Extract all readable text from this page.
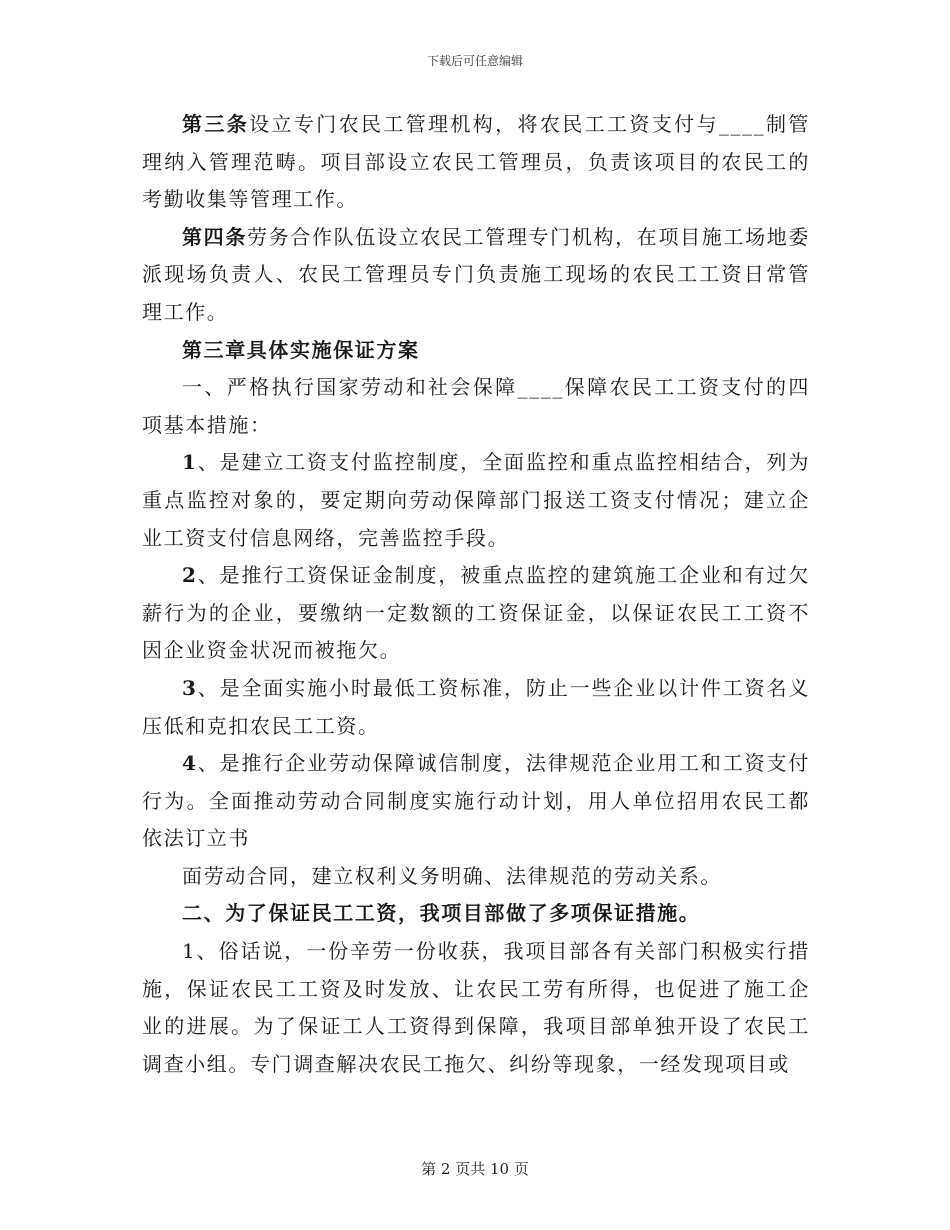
下载后可任意编辑

第三条设立专门农民工管理机构，将农民工工资支付与____制管理纳入管理范畴。项目部设立农民工管理员，负责该项目的农民工的考勤收集等管理工作。

第四条劳务合作队伍设立农民工管理专门机构，在项目施工场地委派现场负责人、农民工管理员专门负责施工现场的农民工工资日常管理工作。

第三章具体实施保证方案

一、严格执行国家劳动和社会保障____保障农民工工资支付的四项基本措施：

1、是建立工资支付监控制度，全面监控和重点监控相结合，列为重点监控对象的，要定期向劳动保障部门报送工资支付情况；建立企业工资支付信息网络，完善监控手段。

2、是推行工资保证金制度，被重点监控的建筑施工企业和有过欠薪行为的企业，要缴纳一定数额的工资保证金，以保证农民工工资不因企业资金状况而被拖欠。

3、是全面实施小时最低工资标准，防止一些企业以计件工资名义压低和克扣农民工工资。

4、是推行企业劳动保障诚信制度，法律规范企业用工和工资支付行为。全面推动劳动合同制度实施行动计划，用人单位招用农民工都依法订立书

面劳动合同，建立权利义务明确、法律规范的劳动关系。

二、为了保证民工工资，我项目部做了多项保证措施。

1、俗话说，一份辛劳一份收获，我项目部各有关部门积极实行措施，保证农民工工资及时发放、让农民工劳有所得，也促进了施工企业的进展。为了保证工人工资得到保障，我项目部单独开设了农民工调查小组。专门调查解决农民工拖欠、纠纷等现象，一经发现项目或

第 2 页共 10 页
